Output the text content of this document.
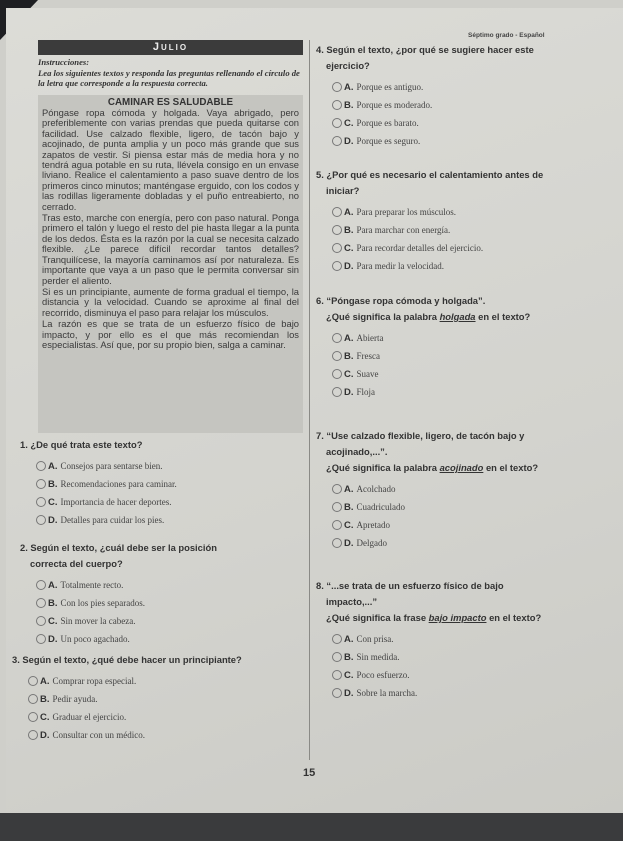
Julio
Séptimo grado - Español
Instrucciones:
Lea los siguientes textos y responda las preguntas rellenando el círculo de la letra que corresponde a la respuesta correcta.
CAMINAR ES SALUDABLE

Póngase ropa cómoda y holgada. Vaya abrigado, pero preferiblemente con varias prendas que pueda quitarse con facilidad. Use calzado flexible, ligero, de tacón bajo y acojinado, de punta amplia y un poco más grande que sus zapatos de vestir. Si piensa estar más de media hora y no tendrá agua potable en su ruta, llévela consigo en un envase liviano. Realice el calentamiento a paso suave dentro de los primeros cinco minutos; manténgase erguido, con los codos y las rodillas ligeramente dobladas y el puño entreabierto, no cerrado.

Tras esto, marche con energía, pero con paso natural. Ponga primero el talón y luego el resto del pie hasta llegar a la punta de los dedos. Ésta es la razón por la cual se necesita calzado flexible. ¿Le parece difícil recordar tantos detalles? Tranquilícese, la mayoría caminamos así por naturaleza. Es importante que vaya a un paso que le permita conversar sin perder el aliento.

Si es un principiante, aumente de forma gradual el tiempo, la distancia y la velocidad. Cuando se aproxime al final del recorrido, disminuya el paso para relajar los músculos.

La razón es que se trata de un esfuerzo físico de bajo impacto, y por ello es el que más recomiendan los especialistas. Así que, por su propio bien, salga a caminar.

1. ¿De qué trata este texto?
A. Consejos para sentarse bien.
B. Recomendaciones para caminar.
C. Importancia de hacer deportes.
D. Detalles para cuidar los pies.
2. Según el texto, ¿cuál debe ser la posición
correcta del cuerpo?
A. Totalmente recto.
B. Con los pies separados.
C. Sin mover la cabeza.
D. Un poco agachado.
3. Según el texto, ¿qué debe hacer un principiante?
A. Comprar ropa especial.
B. Pedir ayuda.
C. Graduar el ejercicio.
D. Consultar con un médico.
4. Según el texto, ¿por qué se sugiere hacer este
ejercicio?
A. Porque es antiguo.
B. Porque es moderado.
C. Porque es barato.
D. Porque es seguro.
5. ¿Por qué es necesario el calentamiento antes de
iniciar?
A. Para preparar los músculos.
B. Para marchar con energía.
C. Para recordar detalles del ejercicio.
D. Para medir la velocidad.
6. “Póngase ropa cómoda y holgada”.
¿Qué significa la palabra holgada en el texto?
A. Abierta
B. Fresca
C. Suave
D. Floja
7. “Use calzado flexible, ligero, de tacón bajo y
acojinado,...”.
¿Qué significa la palabra acojinado en el texto?
A. Acolchado
B. Cuadriculado
C. Apretado
D. Delgado
8. “...se trata de un esfuerzo físico de bajo
impacto,...”
¿Qué significa la frase bajo impacto en el texto?
A. Con prisa.
B. Sin medida.
C. Poco esfuerzo.
D. Sobre la marcha.
15
